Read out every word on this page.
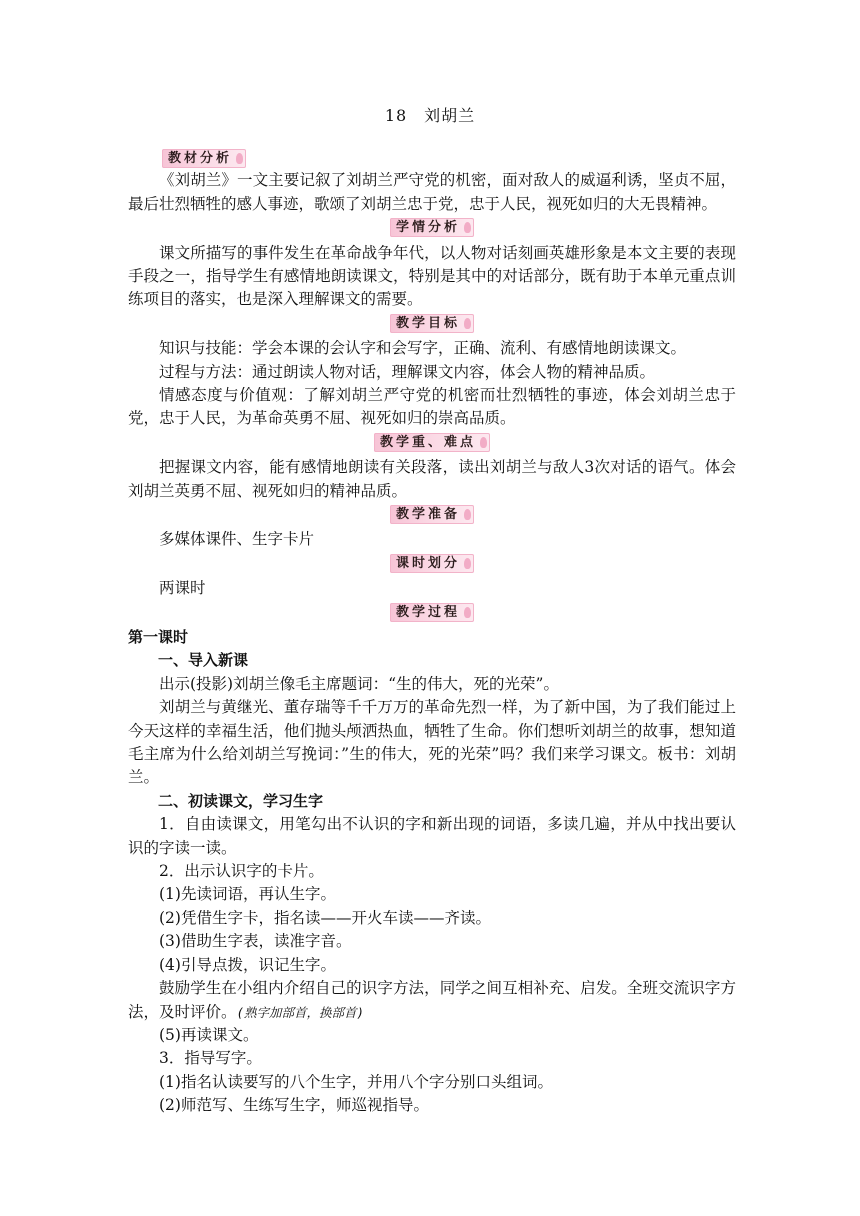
18　刘胡兰
教材分析

《刘胡兰》一文主要记叙了刘胡兰严守党的机密，面对敌人的威逼利诱，坚贞不屈，最后壮烈牺牲的感人事迹，歌颂了刘胡兰忠于党，忠于人民，视死如归的大无畏精神。

学情分析

课文所描写的事件发生在革命战争年代，以人物对话刻画英雄形象是本文主要的表现手段之一，指导学生有感情地朗读课文，特别是其中的对话部分，既有助于本单元重点训练项目的落实，也是深入理解课文的需要。

教学目标

知识与技能：学会本课的会认字和会写字，正确、流利、有感情地朗读课文。

过程与方法：通过朗读人物对话，理解课文内容，体会人物的精神品质。

情感态度与价值观：了解刘胡兰严守党的机密而壮烈牺牲的事迹，体会刘胡兰忠于党，忠于人民，为革命英勇不屈、视死如归的崇高品质。

教学重、难点

把握课文内容，能有感情地朗读有关段落，读出刘胡兰与敌人3次对话的语气。体会刘胡兰英勇不屈、视死如归的精神品质。

教学准备

多媒体课件、生字卡片

课时划分

两课时

教学过程

第一课时

一、导入新课

出示(投影)刘胡兰像毛主席题词：“生的伟大，死的光荣”。

刘胡兰与黄继光、董存瑞等千千万万的革命先烈一样，为了新中国，为了我们能过上今天这样的幸福生活，他们抛头颅洒热血，牺牲了生命。你们想听刘胡兰的故事，想知道毛主席为什么给刘胡兰写挽词：”生的伟大，死的光荣”吗？我们来学习课文。板书：刘胡兰。

二、初读课文，学习生字

1．自由读课文，用笔勾出不认识的字和新出现的词语，多读几遍，并从中找出要认识的字读一读。

2．出示认识字的卡片。

(1)先读词语，再认生字。

(2)凭借生字卡，指名读——开火车读——齐读。

(3)借助生字表，读准字音。

(4)引导点拨，识记生字。

鼓励学生在小组内介绍自己的识字方法，同学之间互相补充、启发。全班交流识字方法，及时评价。(熟字加部首，换部首)

(5)再读课文。

3．指导写字。

(1)指名认读要写的八个生字，并用八个字分别口头组词。

(2)师范写、生练写生字，师巡视指导。
